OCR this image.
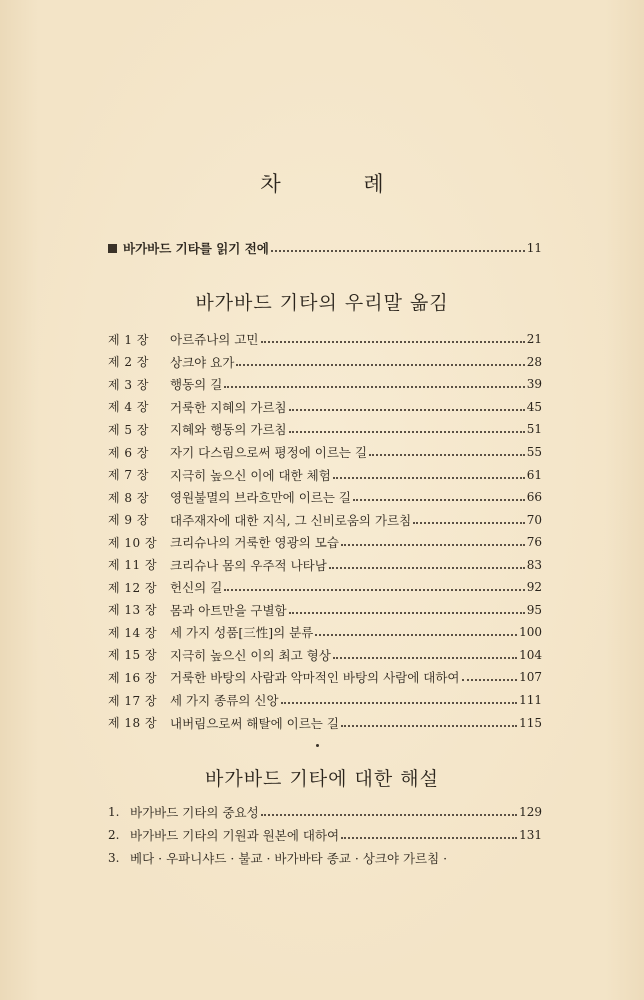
차 례
바가바드 기타를 읽기 전에	11
바가바드 기타의 우리말 옮김
제 1 장	아르쥬나의 고민	21
제 2 장	상크야 요가	28
제 3 장	행동의 길	39
제 4 장	거룩한 지혜의 가르침	45
제 5 장	지혜와 행동의 가르침	51
제 6 장	자기 다스림으로써 평정에 이르는 길	55
제 7 장	지극히 높으신 이에 대한 체험	61
제 8 장	영원불멸의 브라흐만에 이르는 길	66
제 9 장	대주재자에 대한 지식, 그 신비로움의 가르침	70
제 10 장	크리슈나의 거룩한 영광의 모습	76
제 11 장	크리슈나 몸의 우주적 나타남	83
제 12 장	헌신의 길	92
제 13 장	몸과 아트만을 구별함	95
제 14 장	세 가지 성품[三性]의 분류	100
제 15 장	지극히 높으신 이의 최고 형상	104
제 16 장	거룩한 바탕의 사람과 악마적인 바탕의 사람에 대하여	107
제 17 장	세 가지 종류의 신앙	111
제 18 장	내버림으로써 해탈에 이르는 길	115
바가바드 기타에 대한 해설
1. 바가바드 기타의 중요성	129
2. 바가바드 기타의 기원과 원본에 대하여	131
3. 베다 · 우파니샤드 · 불교 · 바가바타 종교 · 상크야 가르침 ·
